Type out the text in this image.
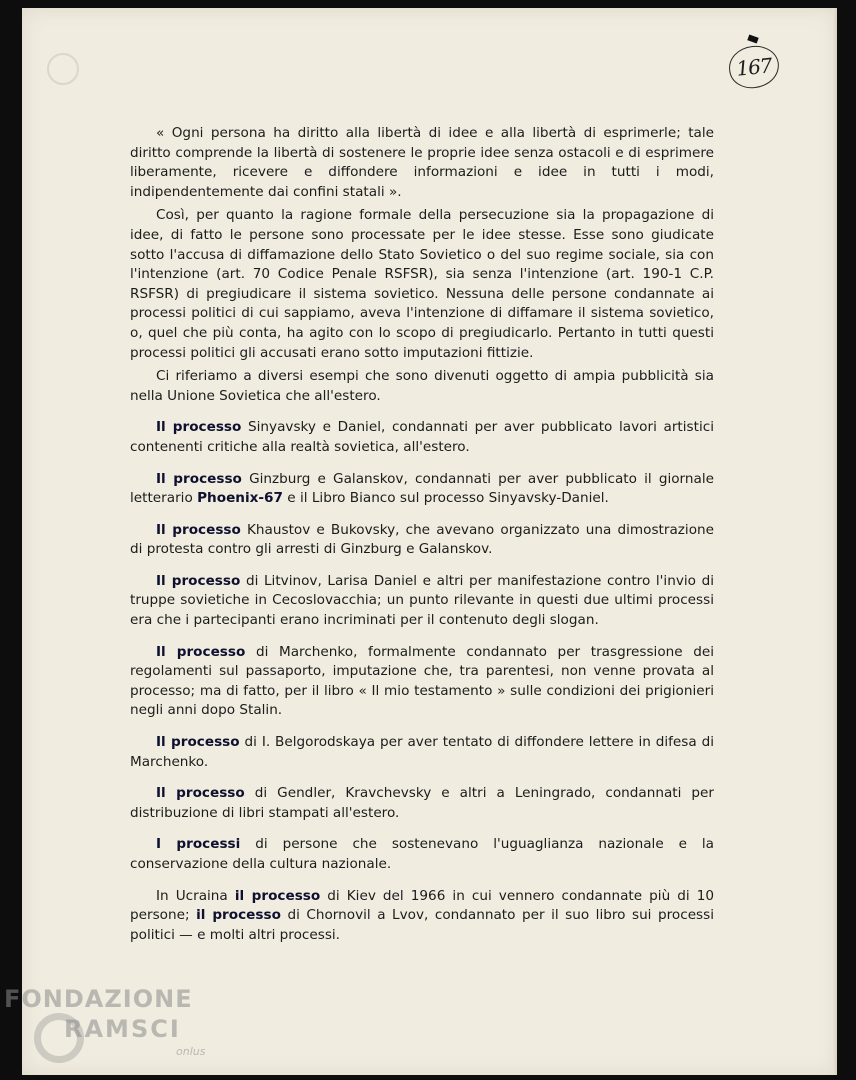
167

« Ogni persona ha diritto alla libertà di idee e alla libertà di esprimerle; tale diritto comprende la libertà di sostenere le proprie idee senza ostacoli e di esprimere liberamente, ricevere e diffondere informazioni e idee in tutti i modi, indipendentemente dai confini statali ».

Così, per quanto la ragione formale della persecuzione sia la propagazione di idee, di fatto le persone sono processate per le idee stesse. Esse sono giudicate sotto l'accusa di diffamazione dello Stato Sovietico o del suo regime sociale, sia con l'intenzione (art. 70 Codice Penale RSFSR), sia senza l'intenzione (art. 190-1 C.P. RSFSR) di pregiudicare il sistema sovietico. Nessuna delle persone condannate ai processi politici di cui sappiamo, aveva l'intenzione di diffamare il sistema sovietico, o, quel che più conta, ha agito con lo scopo di pregiudicarlo. Pertanto in tutti questi processi politici gli accusati erano sotto imputazioni fittizie.

Ci riferiamo a diversi esempi che sono divenuti oggetto di ampia pubblicità sia nella Unione Sovietica che all'estero.

Il processo Sinyavsky e Daniel, condannati per aver pubblicato lavori artistici contenenti critiche alla realtà sovietica, all'estero.

Il processo Ginzburg e Galanskov, condannati per aver pubblicato il giornale letterario Phoenix-67 e il Libro Bianco sul processo Sinyavsky-Daniel.

Il processo Khaustov e Bukovsky, che avevano organizzato una dimostrazione di protesta contro gli arresti di Ginzburg e Galanskov.

Il processo di Litvinov, Larisa Daniel e altri per manifestazione contro l'invio di truppe sovietiche in Cecoslovacchia; un punto rilevante in questi due ultimi processi era che i partecipanti erano incriminati per il contenuto degli slogan.

Il processo di Marchenko, formalmente condannato per trasgressione dei regolamenti sul passaporto, imputazione che, tra parentesi, non venne provata al processo; ma di fatto, per il libro « Il mio testamento » sulle condizioni dei prigionieri negli anni dopo Stalin.

Il processo di I. Belgorodskaya per aver tentato di diffondere lettere in difesa di Marchenko.

Il processo di Gendler, Kravchevsky e altri a Leningrado, condannati per distribuzione di libri stampati all'estero.

I processi di persone che sostenevano l'uguaglianza nazionale e la conservazione della cultura nazionale.

In Ucraina il processo di Kiev del 1966 in cui vennero condannate più di 10 persone; il processo di Chornovil a Lvov, condannato per il suo libro sui processi politici — e molti altri processi.

FONDAZIONE
RAMSCI
onlus
